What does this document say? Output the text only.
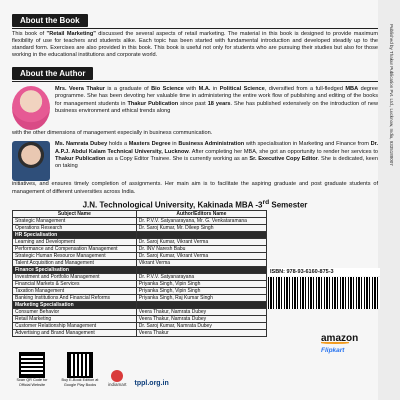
Published by Thakur Publication Pvt. Ltd., Lucknow, India, 9335188007
About the Book

This book of "Retail Marketing" discussed the several aspects of retail marketing. The material in this book is designed to provide maximum flexibility of use for teachers and students alike. Each topic has been started with fundamental introduction and developed steadily up to the standard form. Exercises are also provided in this book. This book is useful not only for students who are pursuing their studies but also for those working in the educational institutions and corporate world.

About the Author

Mrs. Veera Thakur is a graduate of Bio Science with M.A. in Political Science, diversified from a full-fledged MBA degree programme. She has been devoting her valuable time in administering the entire work flow of publishing and editing of the books for management students in Thakur Publication since past 18 years. She has published extensively on the introduction of new business environment and ethical trends along

with the other dimensions of management especially in business communication.

Ms. Namrata Dubey holds a Masters Degree in Business Administration with specialisation in Marketing and Finance from Dr. A.P.J. Abdul Kalam Technical University, Lucknow. After completing her MBA, she got an opportunity to render her services to Thakur Publication as a Copy Editor Trainee. She is currently working as an Sr. Executive Copy Editor. She is dedicated, keen on taking

initiatives, and ensures timely completion of assignments. Her main aim is to facilitate the aspiring graduate and post graduate students of management of different universities across India.

J.N. Technological University, Kakinada MBA -3rd Semester
Subject Name	Author/Editors Name
Strategic Management	Dr. P.V.V. Satyanarayana, Mr. G. Venkataramana
Operations Research	Dr. Saroj Kumar, Mr. Dileep Singh
HR Specialisation	
Learning and Development	Dr. Saroj Kumar, Vikrant Verma
Performance and Compensation Management	Dr. INV Naresh Babu
Strategic Human Resource Management	Dr. Saroj Kumar, Vikrant Verma
Talent Acquisition and Management	Vikrant Verma
Finance Specialisation	
Investment and Portfolio Management	Dr. P.V.V. Satyanarayana
Financial Markets & Services	Priyanka Singh, Vipin Singh
Taxation Management	Priyanka Singh, Vipin Singh
Banking Institutions And Financial Reforms	Priyanka Singh, Raj Kumar Singh
Marketing Specialisation	
Consumer Behavior	Veera Thakur, Namrata Dubey
Retail Marketing	Veera Thakur, Namrata Dubey
Customer Relationship Management	Dr. Saroj Kumar, Namrata Dubey
Advertising and Brand Management	Veera Thakur
ISBN: 978-93-6160-875-3
amazon
Flipkart
Scan QR Code for Official Website
Buy E-Book Edition at Google Play Books	indiamart tppl.org.in
